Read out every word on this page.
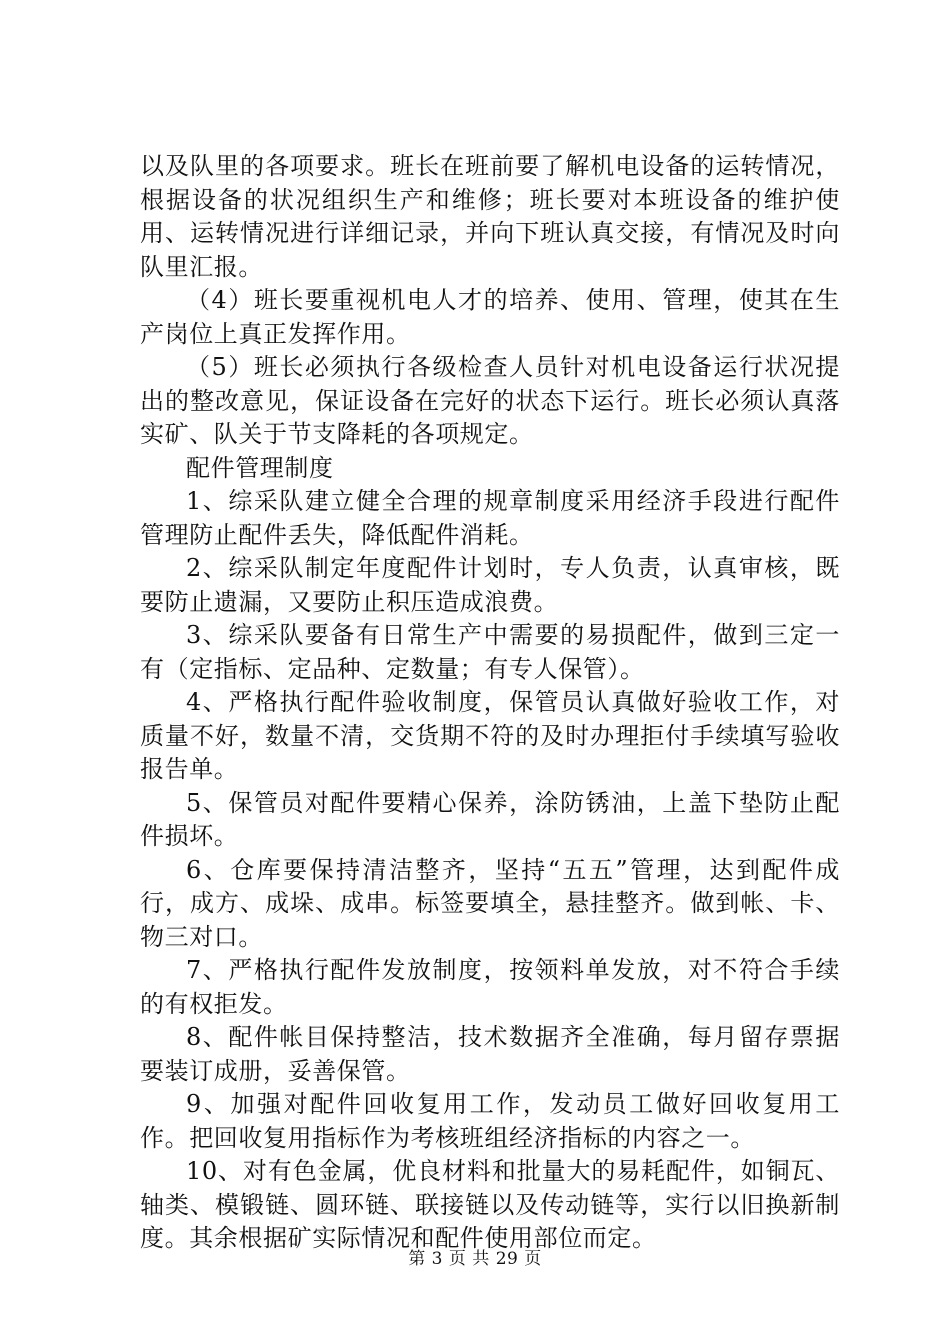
以及队里的各项要求。班长在班前要了解机电设备的运转情况，根据设备的状况组织生产和维修；班长要对本班设备的维护使用、运转情况进行详细记录，并向下班认真交接，有情况及时向队里汇报。

（4）班长要重视机电人才的培养、使用、管理，使其在生产岗位上真正发挥作用。

（5）班长必须执行各级检查人员针对机电设备运行状况提出的整改意见，保证设备在完好的状态下运行。班长必须认真落实矿、队关于节支降耗的各项规定。

配件管理制度

1、综采队建立健全合理的规章制度采用经济手段进行配件管理防止配件丢失，降低配件消耗。

2、综采队制定年度配件计划时，专人负责，认真审核，既要防止遗漏，又要防止积压造成浪费。

3、综采队要备有日常生产中需要的易损配件，做到三定一有（定指标、定品种、定数量；有专人保管）。

4、严格执行配件验收制度，保管员认真做好验收工作，对质量不好，数量不清，交货期不符的及时办理拒付手续填写验收报告单。

5、保管员对配件要精心保养，涂防锈油，上盖下垫防止配件损坏。

6、仓库要保持清洁整齐，坚持“五五”管理，达到配件成行，成方、成垛、成串。标签要填全，悬挂整齐。做到帐、卡、物三对口。

7、严格执行配件发放制度，按领料单发放，对不符合手续的有权拒发。

8、配件帐目保持整洁，技术数据齐全准确，每月留存票据要装订成册，妥善保管。

9、加强对配件回收复用工作，发动员工做好回收复用工作。把回收复用指标作为考核班组经济指标的内容之一。

10、对有色金属，优良材料和批量大的易耗配件，如铜瓦、轴类、模锻链、圆环链、联接链以及传动链等，实行以旧换新制度。其余根据矿实际情况和配件使用部位而定。

第 3 页 共 29 页
